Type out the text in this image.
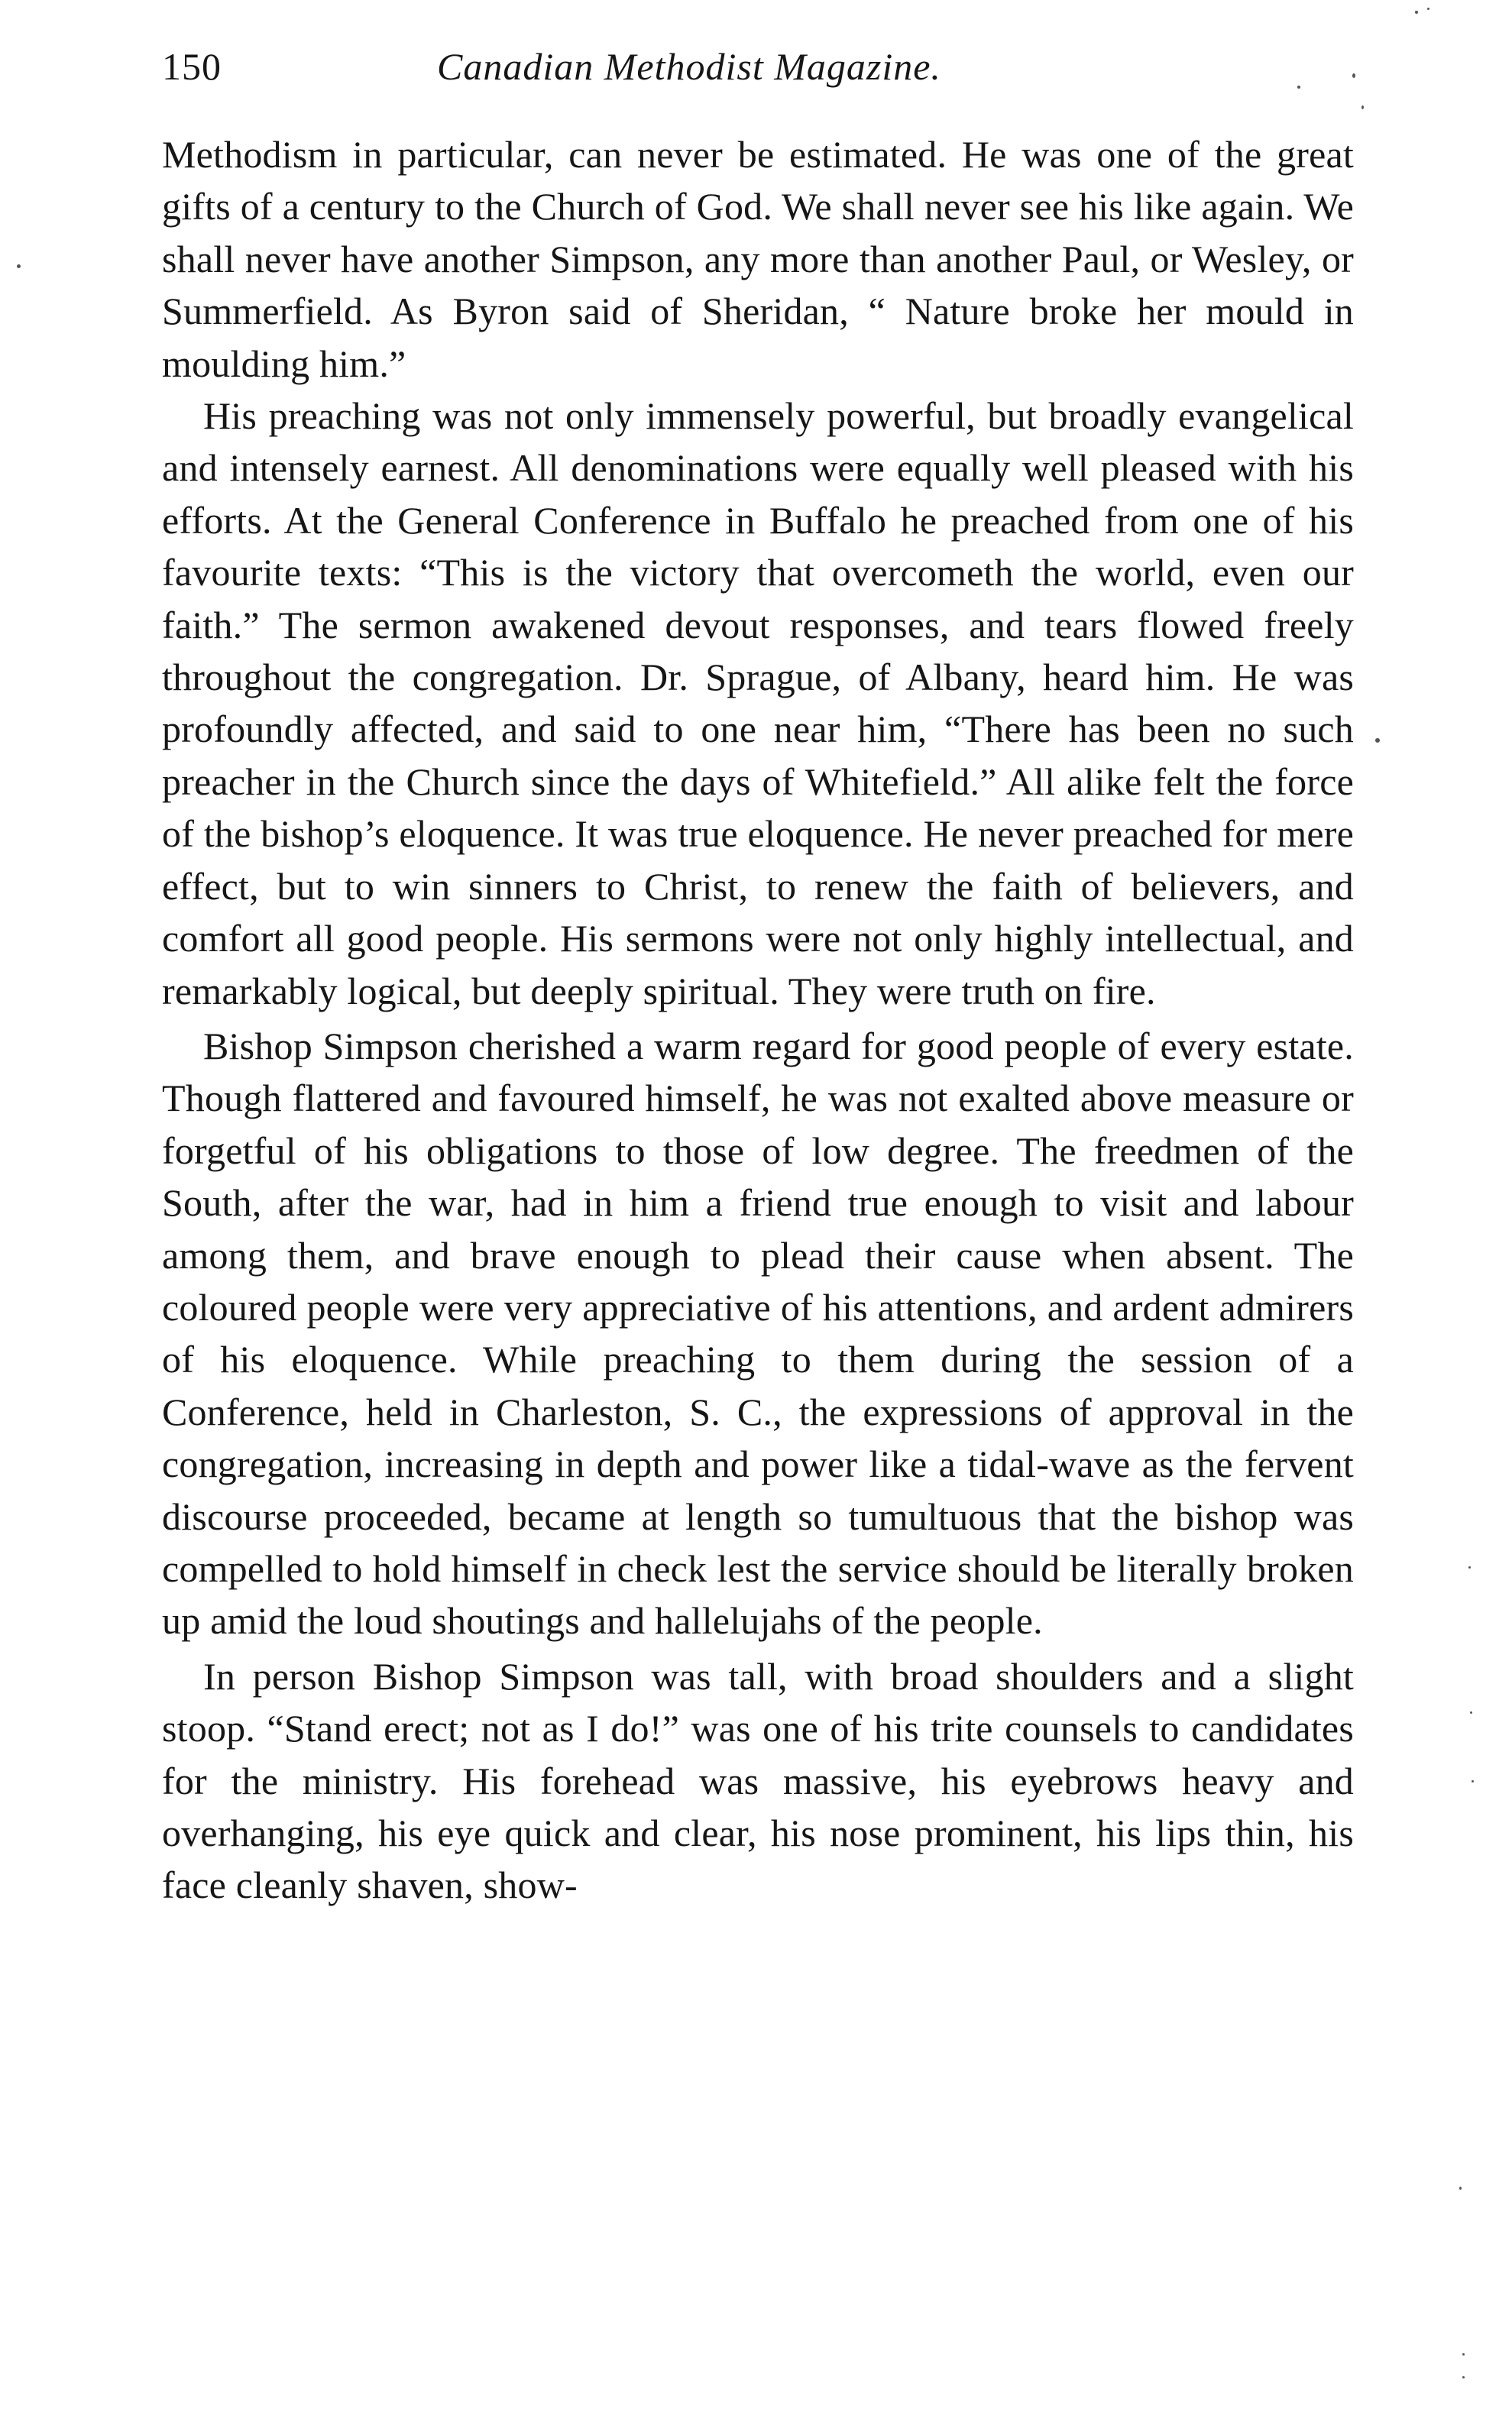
150	Canadian Methodist Magazine.

Methodism in particular, can never be estimated. He was one of the great gifts of a century to the Church of God. We shall never see his like again. We shall never have another Simpson, any more than another Paul, or Wesley, or Summerfield. As Byron said of Sheridan, “ Nature broke her mould in moulding him.”

His preaching was not only immensely powerful, but broadly evangelical and intensely earnest. All denominations were equally well pleased with his efforts. At the General Conference in Buffalo he preached from one of his favourite texts: “This is the victory that overcometh the world, even our faith.” The sermon awakened devout responses, and tears flowed freely throughout the congregation. Dr. Sprague, of Albany, heard him. He was profoundly affected, and said to one near him, “There has been no such preacher in the Church since the days of Whitefield.” All alike felt the force of the bishop’s eloquence. It was true eloquence. He never preached for mere effect, but to win sinners to Christ, to renew the faith of believers, and comfort all good people. His sermons were not only highly intellectual, and remarkably logical, but deeply spiritual. They were truth on fire.

Bishop Simpson cherished a warm regard for good people of every estate. Though flattered and favoured himself, he was not exalted above measure or forgetful of his obligations to those of low degree. The freedmen of the South, after the war, had in him a friend true enough to visit and labour among them, and brave enough to plead their cause when absent. The coloured people were very appreciative of his attentions, and ardent admirers of his eloquence. While preaching to them during the session of a Conference, held in Charleston, S. C., the expressions of approval in the congregation, increasing in depth and power like a tidal-wave as the fervent discourse proceeded, became at length so tumultuous that the bishop was compelled to hold himself in check lest the service should be literally broken up amid the loud shoutings and hallelujahs of the people.

In person Bishop Simpson was tall, with broad shoulders and a slight stoop. “Stand erect; not as I do!” was one of his trite counsels to candidates for the ministry. His forehead was massive, his eyebrows heavy and overhanging, his eye quick and clear, his nose prominent, his lips thin, his face cleanly shaven, show-
